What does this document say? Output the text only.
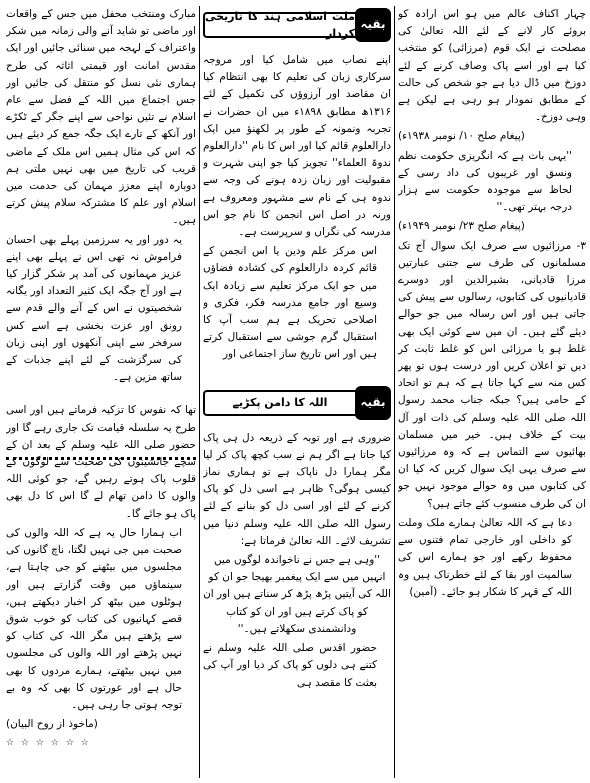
چہار اکناف عالم میں ہو اس ارادہ کو بروئے کار لانے کے لئے اللہ تعالیٰ کی مصلحت نے ایک قوم (مرزائی) کو منتخب کیا ہے اور اسے پاک وصاف کرنے کے لئے دوزخ میں ڈال دیا ہے جو شخص کی حالت کے مطابق نمودار ہو رہی ہے لیکن ہے وہی دوزخ۔

(پیغام صلح ۱۰/ نومبر ۱۹۳۸ء)

''یہی بات ہے کہ انگریزی حکومت نظم ونسق اور غریبوں کی داد رسی کے لحاظ سے موجودہ حکومت سے ہزار درجہ بہتر تھی۔''

(پیغام صلح ۲۳/ نومبر ۱۹۴۹ء)

۳- مرزائیوں سے صرف ایک سوال آج تک مسلمانوں کی طرف سے جتنی عبارتیں مرزا قادیانی، بشیرالدین اور دوسرے قادیانیوں کی کتابوں، رسالوں سے پیش کی جاتی ہیں اور اس رسالہ میں جو حوالے دیئے گئے ہیں۔ ان میں سے کوئی ایک بھی غلط ہو یا مرزائی اس کو غلط ثابت کر دیں تو اعلان کریں اور درست ہوں تو پھر کس منہ سے کہا جاتا ہے کہ ہم تو اتحاد کے حامی ہیں؟ جبکہ جناب محمد رسول اللہ صلی اللہ علیہ وسلم کی ذات اور آل بیت کے خلاف ہیں۔ خیر میں مسلمان بھائیوں سے التماس ہے کہ وہ مرزائیوں سے صرف یہی ایک سوال کریں کہ کیا ان کی کتابوں میں وہ حوالے موجود نہیں جو ان کی طرف منسوب کئے جاتے ہیں؟

دعا ہے کہ اللہ تعالیٰ ہمارے ملک وملت کو داخلی اور خارجی تمام فتنوں سے محفوظ رکھے اور جو ہمارے اس کی سالمیت اور بقا کے لئے خطرناک ہیں وہ اللہ کے قہر کا شکار ہو جائے۔ (آمین)

ملت اسلامی ہند کا تاریخی کردار
بقیہ

اپنے نصاب میں شامل کیا اور مروجہ سرکاری زبان کی تعلیم کا بھی انتظام کیا ان مقاصد اور آرزوؤں کی تکمیل کے لئے ۱۳۱۶ھ مطابق ۱۸۹۸ء میں ان حضرات نے تجربہ ونمونہ کے طور پر لکھنؤ میں ایک دارالعلوم قائم کیا اور اس کا نام ''دارالعلوم ندوۃ العلماء'' تجویز کیا جو اپنی شہرت و مقبولیت اور زبان زدہ ہونے کی وجہ سے ندوہ ہی کے نام سے مشہور ومعروف ہے ورنہ در اصل اس انجمن کا نام جو اس مدرسہ کی نگراں و سرپرست ہے۔

اس مرکز علم ودین یا اس انجمن کے قائم کردہ دارالعلوم کی کشادہ فضاؤں میں جو ایک مرکز تعلیم سے زیادہ ایک وسیع اور جامع مدرسہ فکر، فکری و اصلاحی تحریک ہے ہم سب آپ کا استقبال گرم جوشی سے استقبال کرتے ہیں اور اس تاریخ ساز اجتماعی اور

اللہ کا دامن پکڑیے	بقیہ

ضروری ہے اور توبہ کے ذریعہ دل ہی پاک کیا جاتا ہے اگر ہم نے سب کچھ پاک کر لیا مگر ہمارا دل ناپاک ہے تو ہماری نماز کیسی ہوگی؟ ظاہر ہے اسی دل کو پاک کرنے کے لئے اور اسی دل کو بنانے کے لئے رسول اللہ صلی اللہ علیہ وسلم دنیا میں تشریف لائے۔ اللہ تعالیٰ فرماتا ہے:

''وہی ہے جس نے ناخواندہ لوگوں میں انہیں میں سے ایک پیغمبر بھیجا جو ان کو اللہ کی آیتیں پڑھ پڑھ کر سناتے ہیں اور ان کو پاک کرتے ہیں اور ان کو کتاب ودانشمندی سکھلاتے ہیں۔''

حضور اقدس صلی اللہ علیہ وسلم نے کتنے ہی دلوں کو پاک کر دیا اور آپ کی بعثت کا مقصد ہی

مبارک ومنتخب محفل میں جس کے واقعات اور ماضی تو شاید آنے والی زمانہ میں شکر واعتراف کے لہجہ میں سنائی جائیں اور ایک مقدس امانت اور قیمتی اثاثہ کی طرح ہماری نئی نسل کو منتقل کی جائیں اور جس اجتماع میں اللہ کے فضل سے عام اسلام نے تئیں نواحی سے اپنے جگر کے ٹکڑے اور آنکھ کے تارے ایک جگہ جمع کر دیئے ہیں کہ اس کی مثال ہمیں اس ملک کے ماضی قریب کی تاریخ میں بھی نہیں ملتی ہم دوبارہ اپنے معزز مہمان کی حدمت میں اسلام اور علم کا مشترکہ سلام پیش کرتے ہیں۔

یہ دور اور یہ سرزمین پہلے بھی احسان فراموش نہ تھی اس نے پہلے بھی اپنے عزیز مہمانوں کی آمد پر شکر گزار کیا ہے اور آج جگہ ایک کثیر التعداد اور یگانہ شخصیتوں نے اس کے آنے والے قدم سے رونق اور عزت بخشی ہے اسے کس سرفخر سے اپنی آنکھوں اور اپنی زبان کی سرگزشت کے لئے اپنے جذبات کے ساتھ مزین ہے۔

تھا کہ نفوس کا تزکیہ فرماتے ہیں اور اسی طرح یہ سلسلہ قیامت تک جاری رہے گا اور حضور صلی اللہ علیہ وسلم کے بعد ان کے سچے جانشینوں کی صحبت سے لوگوں کے قلوب پاک ہوتے رہیں گے، جو کوئی اللہ والوں کا دامن تھام لے گا اس کا دل بھی پاک ہو جائے گا۔

اب ہمارا حال یہ ہے کہ اللہ والوں کی صحبت میں جی نہیں لگتا، ناچ گانوں کی مجلسوں میں بیٹھنے کو جی چاہتا ہے، سینماؤں میں وقت گزارتے ہیں اور ہوٹلوں میں بیٹھ کر اخبار دیکھتے ہیں، قصے کہانیوں کی کتاب کو خوب شوق سے پڑھتے ہیں مگر اللہ کی کتاب کو نہیں پڑھتے اور اللہ والوں کی مجلسوں میں نہیں بیٹھتے، ہمارے مردوں کا بھی حال ہے اور عورتوں کا بھی کہ وہ بے توجہ ہوتی جا رہی ہیں۔

(ماخوذ از روح البیان)

☆ ☆ ☆ ☆ ☆ ☆
